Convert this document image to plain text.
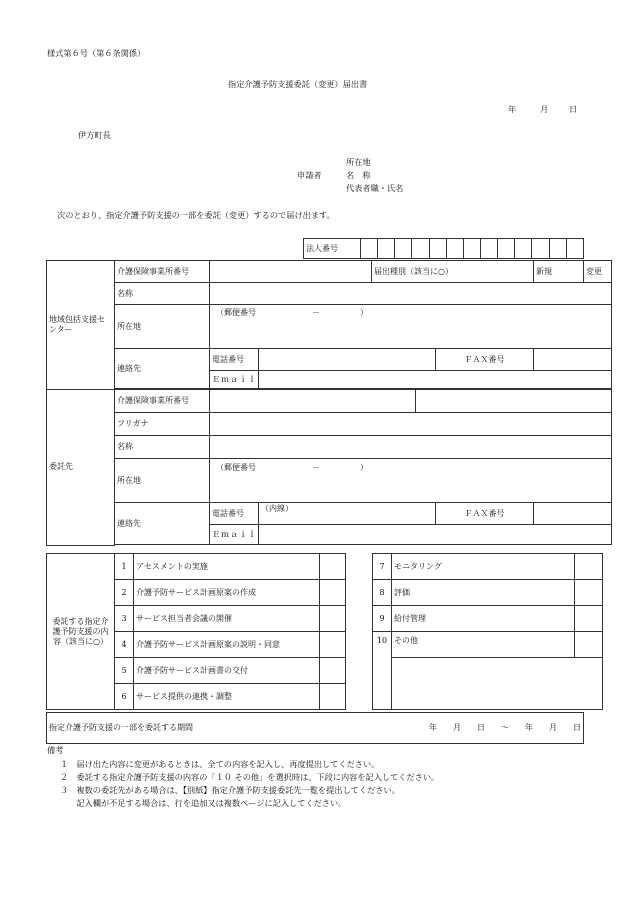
様式第６号（第６条関係）
指定介護予防支援委託（変更）届出書
年	月	日
伊方町長
申請者
所在地
名　称
代表者職・氏名
次のとおり、指定介護予防支援の一部を委託（変更）するので届け出ます。
法人番号													
地域包括支援センター	介護保険事業所番号			届出種別（該当に○）			新規	変更
	名称							
	所在地	（郵便番号　　　　　　　－　　　　　）						
	連絡先	電話番号				ＦＡＸ番号		
		Ｅｍａｉｌ						

委託先	介護保険事業所番号							
	フリガナ							
	名称							
	所在地	（郵便番号　　　　　　　－　　　　　）						
	連絡先	電話番号	（内線）			ＦＡＸ番号		
		Ｅｍａｉｌ						

委託する指定介護予防支援の内容（該当に○）	1	アセスメントの実施			7	モニタリング	
	2	介護予防サービス計画原案の作成			8	評価	
	3	サービス担当者会議の開催			9	給付管理	
	4	介護予防サービス計画原案の説明・同意			10	その他	
	5	介護予防サービス計画書の交付					
	6	サービス提供の連携・調整					
指定介護予防支援の一部を委託する期間	年　　月　　日　　～　　年　　月　　日
備考
１　届け出た内容に変更があるときは、全ての内容を記入し、再度提出してください。
２　委託する指定介護予防支援の内容の「１０ その他」を選択時は、下段に内容を記入してください。
３　複数の委託先がある場合は、【別紙】指定介護予防支援委託先一覧を提出してください。
　　記入欄が不足する場合は、行を追加又は複数ページに記入してください。
